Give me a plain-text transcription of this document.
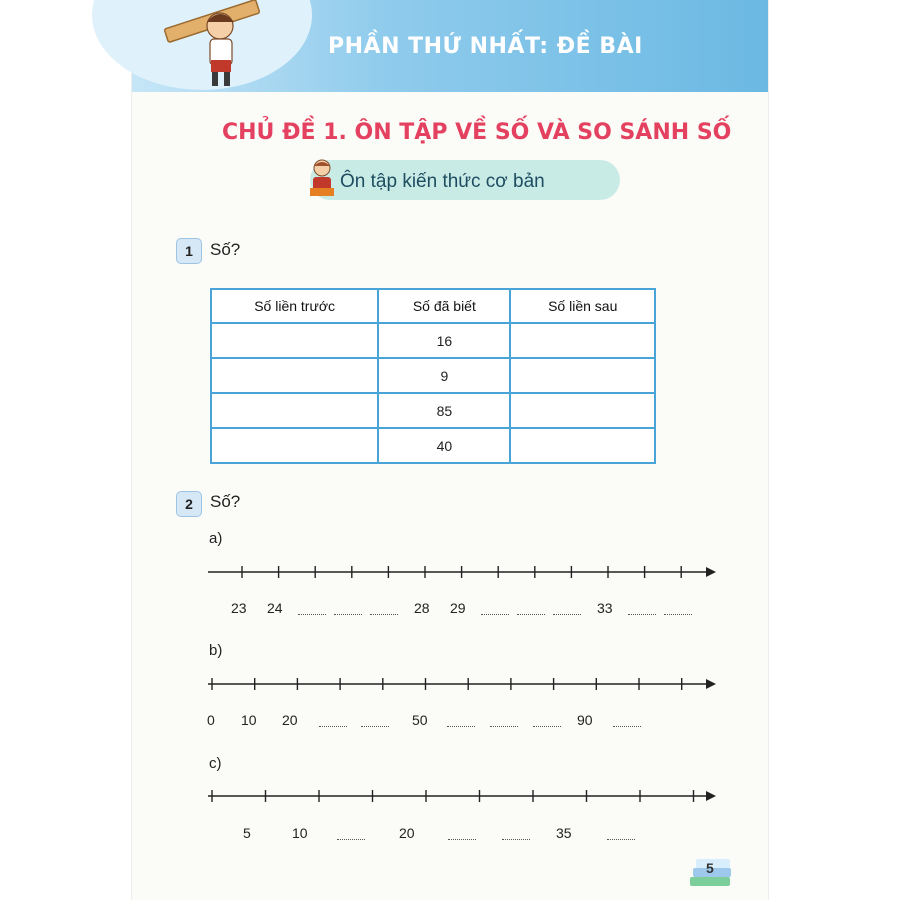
PHẦN THỨ NHẤT: ĐỀ BÀI
CHỦ ĐỀ 1. ÔN TẬP VỀ SỐ VÀ SO SÁNH SỐ
Ôn tập kiến thức cơ bản
1	Số?
Số liền trước	Số đã biết	Số liền sau
	16	
	9	
	85	
	40	
2	Số?
a)
23 24	28 29	33
b)
0 10 20	50	90
c)
5	10	20	35
5
